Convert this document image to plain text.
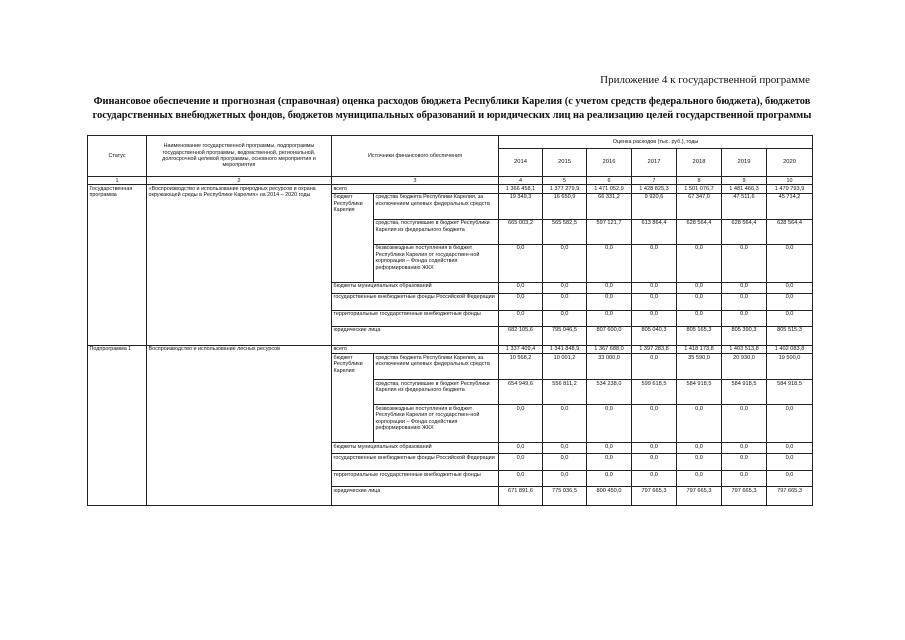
Приложение 4 к государственной программе
Финансовое обеспечение и прогнозная (справочная) оценка расходов бюджета Республики Карелия (с учетом средств федерального бюджета), бюджетов
государственных внебюджетных фондов, бюджетов муниципальных образований и юридических лиц на реализацию целей государственной программы
Статус	Наименование государственной программы, подпрограммы государственной программы, ведомственной, региональной, долгосрочной целевой программы, основного мероприятия и мероприятия	Источники финансового обеспечения		Оценка расходов (тыс. руб.), годы						
				2014	2015	2016	2017	2018	2019	2020
1	2	3		4	5	6	7	8	9	10
Государственная программа	«Воспроизводство и использование природных ресурсов и охрана окружающей среды в Республике Карелия» на 2014 – 2020 годы	всего		1 366 458,1	1 377 279,9	1 471 052,9	1 428 825,3	1 501 076,7	1 481 466,3	1 479 793,9
		бюджет Республики Карелия	средства бюджета Республики Карелия, за исключением целевых федеральных средств	19 349,3	16 650,9	66 331,2	9 920,6	67 347,0	47 511,6	45 714,2
			средства, поступившие в бюджет Республики Карелия из федерального бюджета	665 003,2	565 582,5	597 121,7	613 864,4	628 564,4	628 564,4	628 564,4
			безвозмездные поступления в бюджет Республики Карелия от государствен-ной корпорации – Фонда содействия реформированию ЖКХ	0,0	0,0	0,0	0,0	0,0	0,0	0,0
		бюджеты муниципальных образований		0,0	0,0	0,0	0,0	0,0	0,0	0,0
		государственные внебюджетные фонды Российской Федерации		0,0	0,0	0,0	0,0	0,0	0,0	0,0
		территориальные государственные внебюджетные фонды		0,0	0,0	0,0	0,0	0,0	0,0	0,0
		юридические лица		682 105,6	795 046,5	807 600,0	805 040,3	805 165,3	805 390,3	805 515,3
Подпрограмма 1	Воспроизводство и использование лесных ресурсов	всего		1 337 409,4	1 341 848,9	1 367 688,0	1 397 283,8	1 418 173,8	1 403 513,8	1 402 083,8
		бюджет Республики Карелия	средства бюджета Республики Карелия, за исключением целевых федеральных средств	10 568,2	10 001,2	33 000,0	0,0	35 590,0	20 930,0	19 500,0
			средства, поступившие в бюджет Республики Карелия из федерального бюджета	654 949,6	556 811,2	534 238,0	599 618,5	584 918,5	584 918,5	584 918,5
			безвозмездные поступления в бюджет Республики Карелия от государствен-ной корпорации – Фонда содействия реформированию ЖКХ	0,0	0,0	0,0	0,0	0,0	0,0	0,0
		бюджеты муниципальных образований		0,0	0,0	0,0	0,0	0,0	0,0	0,0
		государственные внебюджетные фонды Российской Федерации		0,0	0,0	0,0	0,0	0,0	0,0	0,0
		территориальные государственные внебюджетные фонды		0,0	0,0	0,0	0,0	0,0	0,0	0,0
		юридические лица		671 891,6	775 036,5	800 450,0	797 665,3	797 665,3	797 665,3	797 665,3
